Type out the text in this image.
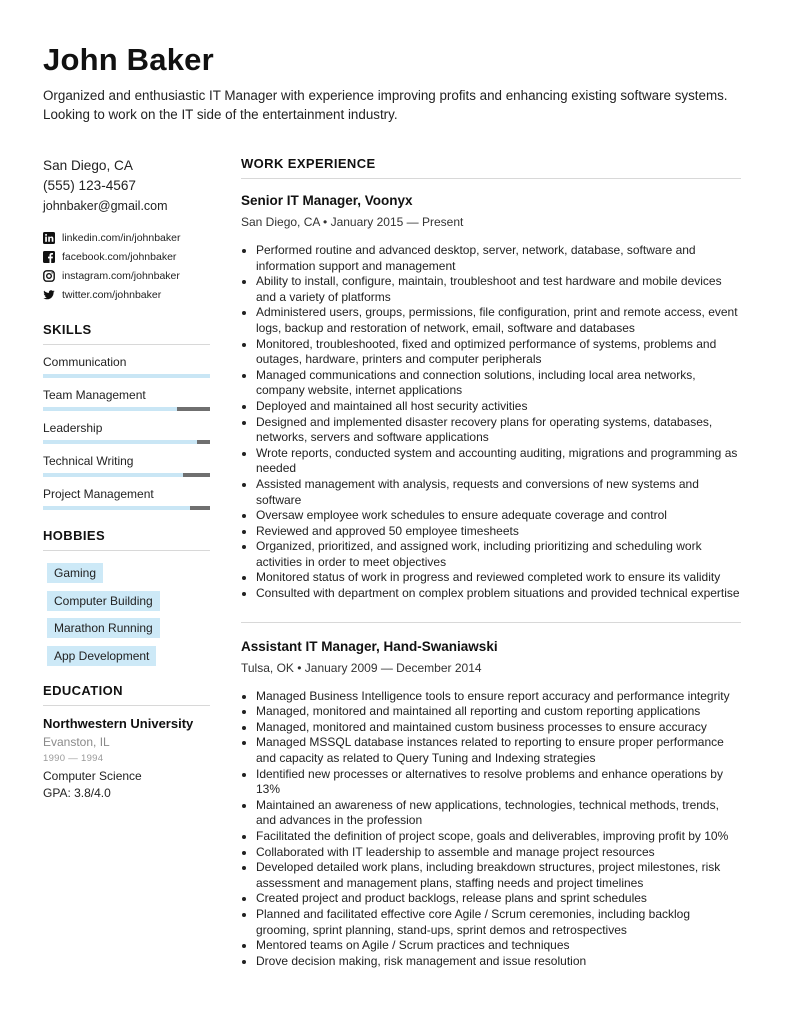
John Baker

Organized and enthusiastic IT Manager with experience improving profits and enhancing existing software systems. Looking to work on the IT side of the entertainment industry.

San Diego, CA

(555) 123-4567

johnbaker@gmail.com

linkedin.com/in/johnbaker
facebook.com/johnbaker
instagram.com/johnbaker
twitter.com/johnbaker
SKILLS
Communication
Team Management
Leadership
Technical Writing
Project Management
HOBBIES
Gaming
Computer Building
Marathon Running
App Development
EDUCATION
Northwestern University
Evanston, IL
1990 — 1994
Computer Science
GPA: 3.8/4.0
WORK EXPERIENCE
Senior IT Manager, Voonyx
San Diego, CA • January 2015 — Present
• Performed routine and advanced desktop, server, network, database, software and information support and management
• Ability to install, configure, maintain, troubleshoot and test hardware and mobile devices and a variety of platforms
• Administered users, groups, permissions, file configuration, print and remote access, event logs, backup and restoration of network, email, software and databases
• Monitored, troubleshooted, fixed and optimized performance of systems, problems and outages, hardware, printers and computer peripherals
• Managed communications and connection solutions, including local area networks, company website, internet applications
• Deployed and maintained all host security activities
• Designed and implemented disaster recovery plans for operating systems, databases, networks, servers and software applications
• Wrote reports, conducted system and accounting auditing, migrations and programming as needed
• Assisted management with analysis, requests and conversions of new systems and software
• Oversaw employee work schedules to ensure adequate coverage and control
• Reviewed and approved 50 employee timesheets
• Organized, prioritized, and assigned work, including prioritizing and scheduling work activities in order to meet objectives
• Monitored status of work in progress and reviewed completed work to ensure its validity
• Consulted with department on complex problem situations and provided technical expertise
Assistant IT Manager, Hand-Swaniawski
Tulsa, OK • January 2009 — December 2014
• Managed Business Intelligence tools to ensure report accuracy and performance integrity
• Managed, monitored and maintained all reporting and custom reporting applications
• Managed, monitored and maintained custom business processes to ensure accuracy
• Managed MSSQL database instances related to reporting to ensure proper performance and capacity as related to Query Tuning and Indexing strategies
• Identified new processes or alternatives to resolve problems and enhance operations by 13%
• Maintained an awareness of new applications, technologies, technical methods, trends, and advances in the profession
• Facilitated the definition of project scope, goals and deliverables, improving profit by 10%
• Collaborated with IT leadership to assemble and manage project resources
• Developed detailed work plans, including breakdown structures, project milestones, risk assessment and management plans, staffing needs and project timelines
• Created project and product backlogs, release plans and sprint schedules
• Planned and facilitated effective core Agile / Scrum ceremonies, including backlog grooming, sprint planning, stand-ups, sprint demos and retrospectives
• Mentored teams on Agile / Scrum practices and techniques
• Drove decision making, risk management and issue resolution
